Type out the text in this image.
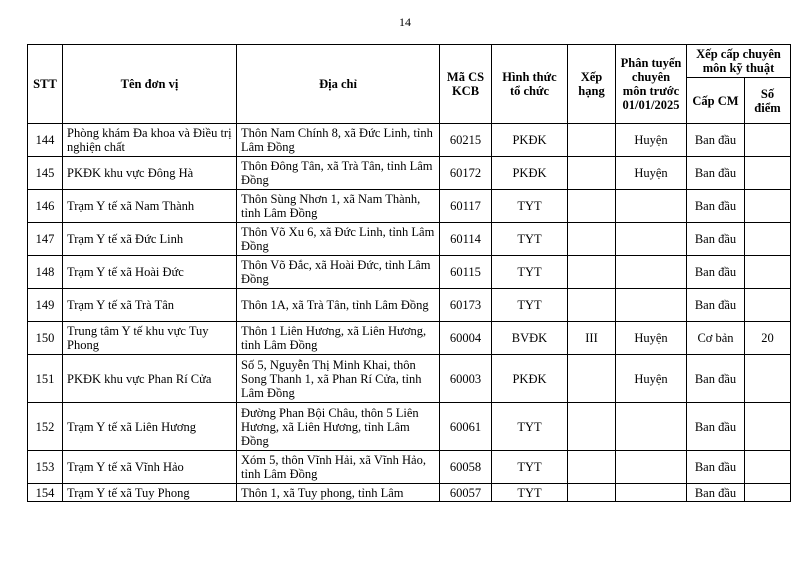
14
STT	Tên đơn vị	Địa chỉ	Mã CS KCB	Hình thức tổ chức	Xếp hạng	Phân tuyến chuyên môn trước 01/01/2025	Xếp cấp chuyên môn kỹ thuật	
							Cấp CM	Số điểm
144	Phòng khám Đa khoa và Điều trị nghiện chất	Thôn Nam Chính 8, xã Đức Linh, tỉnh Lâm Đồng	60215	PKĐK		Huyện	Ban đầu	
145	PKĐK khu vực Đông Hà	Thôn Đông Tân, xã Trà Tân, tỉnh Lâm Đồng	60172	PKĐK		Huyện	Ban đầu	
146	Trạm Y tế xã Nam Thành	Thôn Sùng Nhơn 1, xã Nam Thành, tỉnh Lâm Đồng	60117	TYT			Ban đầu	
147	Trạm Y tế xã Đức Linh	Thôn Võ Xu 6, xã Đức Linh, tỉnh Lâm Đồng	60114	TYT			Ban đầu	
148	Trạm Y tế xã Hoài Đức	Thôn Võ Đắc, xã Hoài Đức, tỉnh Lâm Đồng	60115	TYT			Ban đầu	
149	Trạm Y tế xã Trà Tân	Thôn 1A, xã Trà Tân, tỉnh Lâm Đồng	60173	TYT			Ban đầu	
150	Trung tâm Y tế khu vực Tuy Phong	Thôn 1 Liên Hương, xã Liên Hương, tỉnh Lâm Đồng	60004	BVĐK	III	Huyện	Cơ bản	20
151	PKĐK khu vực Phan Rí Cửa	Số 5, Nguyễn Thị Minh Khai, thôn Song Thanh 1, xã Phan Rí Cửa, tỉnh Lâm Đồng	60003	PKĐK		Huyện	Ban đầu	
152	Trạm Y tế xã Liên Hương	Đường Phan Bội Châu, thôn 5 Liên Hương, xã Liên Hương, tỉnh Lâm Đồng	60061	TYT			Ban đầu	
153	Trạm Y tế xã Vĩnh Hảo	Xóm 5, thôn Vĩnh Hải, xã Vĩnh Hảo, tỉnh Lâm Đồng	60058	TYT			Ban đầu	
154	Trạm Y tế xã Tuy Phong	Thôn 1, xã Tuy phong, tỉnh Lâm	60057	TYT			Ban đầu	
